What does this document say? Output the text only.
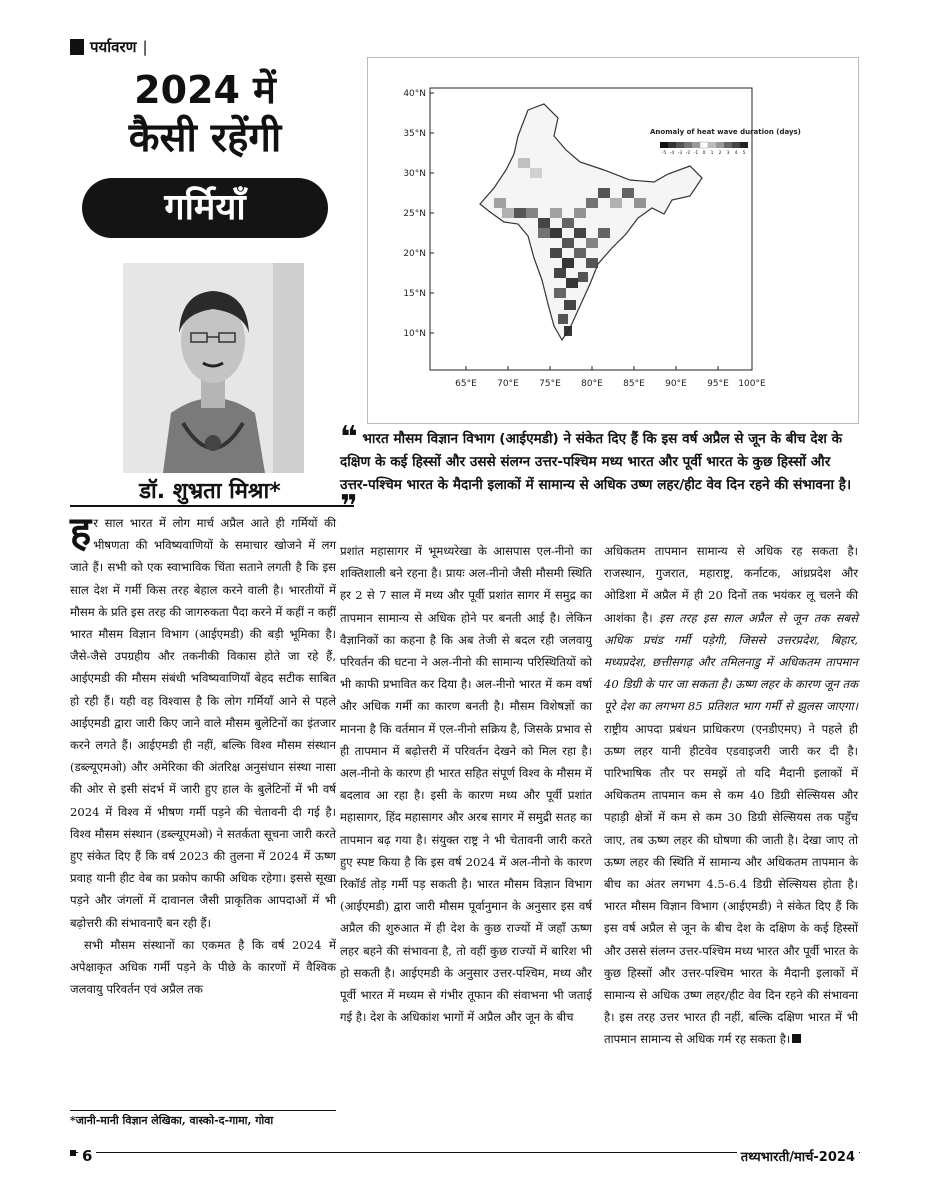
पर्यावरण |
2024 में
कैसी रहेंगी
गर्मियाँ
डॉ. शुभ्रता मिश्रा*
40°N
35°N
30°N
25°N
20°N
15°N
10°N
65°E 70°E 75°E 80°E 85°E 90°E 95°E 100°E
Anomaly of heat wave duration (days)
-5 -4 -3 -2 -1 0 1 2 3 4 5
❝ भारत मौसम विज्ञान विभाग (आईएमडी) ने संकेत दिए हैं कि इस वर्ष अप्रैल से जून के बीच देश के दक्षिण के कई हिस्सों और उससे संलग्न उत्तर-पश्चिम मध्य भारत और पूर्वी भारत के कुछ हिस्सों और उत्तर-पश्चिम भारत के मैदानी इलाकों में सामान्य से अधिक उष्ण लहर/हीट वेव दिन रहने की संभावना है। ❞

हर साल भारत में लोग मार्च अप्रैल आते ही गर्मियों की भीषणता की भविष्यवाणियों के समाचार खोजने में लग जाते हैं। सभी को एक स्वाभाविक चिंता सताने लगती है कि इस साल देश में गर्मी किस तरह बेहाल करने वाली है। भारतीयों में मौसम के प्रति इस तरह की जागरुकता पैदा करने में कहीं न कहीं भारत मौसम विज्ञान विभाग (आईएमडी) की बड़ी भूमिका है। जैसे-जैसे उपग्रहीय और तकनीकी विकास होते जा रहे हैं, आईएमडी की मौसम संबंधी भविष्यवाणियाँ बेहद सटीक साबित हो रही हैं। यही वह विश्वास है कि लोग गर्मियाँ आने से पहले आईएमडी द्वारा जारी किए जाने वाले मौसम बुलेटिनों का इंतजार करने लगते हैं। आईएमडी ही नहीं, बल्कि विश्व मौसम संस्थान (डब्ल्यूएमओ) और अमेरिका की अंतरिक्ष अनुसंधान संस्था नासा की ओर से इसी संदर्भ में जारी हुए हाल के बुलेटिनों में भी वर्ष 2024 में विश्व में भीषण गर्मी पड़ने की चेतावनी दी गई है। विश्व मौसम संस्थान (डब्ल्यूएमओ) ने सतर्कता सूचना जारी करते हुए संकेत दिए हैं कि वर्ष 2023 की तुलना में 2024 में ऊष्ण प्रवाह यानी हीट वेब का प्रकोप काफी अधिक रहेगा। इससे सूखा पड़ने और जंगलों में दावानल जैसी प्राकृतिक आपदाओं में भी बढ़ोत्तरी की संभावनाएँ बन रही हैं।

सभी मौसम संस्थानों का एकमत है कि वर्ष 2024 में अपेक्षाकृत अधिक गर्मी पड़ने के पीछे के कारणों में वैश्विक जलवायु परिवर्तन एवं अप्रैल तक

*जानी-मानी विज्ञान लेखिका, वास्को-द-गामा, गोवा

प्रशांत महासागर में भूमध्यरेखा के आसपास एल-नीनो का शक्तिशाली बने रहना है। प्रायः अल-नीनो जैसी मौसमी स्थिति हर 2 से 7 साल में मध्य और पूर्वी प्रशांत सागर में समुद्र का तापमान सामान्य से अधिक होने पर बनती आई है। लेकिन वैज्ञानिकों का कहना है कि अब तेजी से बदल रही जलवायु परिवर्तन की घटना ने अल-नीनो की सामान्य परिस्थितियों को भी काफी प्रभावित कर दिया है। अल-नीनो भारत में कम वर्षा और अधिक गर्मी का कारण बनती है। मौसम विशेषज्ञों का मानना है कि वर्तमान में एल-नीनो सक्रिय है, जिसके प्रभाव से ही तापमान में बढ़ोत्तरी में परिवर्तन देखने को मिल रहा है। अल-नीनो के कारण ही भारत सहित संपूर्ण विश्व के मौसम में बदलाव आ रहा है। इसी के कारण मध्य और पूर्वी प्रशांत महासागर, हिंद महासागर और अरब सागर में समुद्री सतह का तापमान बढ़ गया है। संयुक्त राष्ट्र ने भी चेतावनी जारी करते हुए स्पष्ट किया है कि इस वर्ष 2024 में अल-नीनो के कारण रिकॉर्ड तोड़ गर्मी पड़ सकती है। भारत मौसम विज्ञान विभाग (आईएमडी) द्वारा जारी मौसम पूर्वानुमान के अनुसार इस वर्ष अप्रैल की शुरुआत में ही देश के कुछ राज्यों में जहाँ ऊष्ण लहर बहने की संभावना है, तो वहीं कुछ राज्यों में बारिश भी हो सकती है। आईएमडी के अनुसार उत्तर-पश्चिम, मध्य और पूर्वी भारत में मध्यम से गंभीर तूफान की संवाभना भी जताई गई है। देश के अधिकांश भागों में अप्रैल और जून के बीच

अधिकतम तापमान सामान्य से अधिक रह सकता है। राजस्थान, गुजरात, महाराष्ट्र, कर्नाटक, आंध्रप्रदेश और ओडिशा में अप्रैल में ही 20 दिनों तक भयंकर लू चलने की आशंका है। इस तरह इस साल अप्रैल से जून तक सबसे अधिक प्रचंड गर्मी पड़ेगी, जिससे उत्तरप्रदेश, बिहार, मध्यप्रदेश, छत्तीसगढ़ और तमिलनाडु में अधिकतम तापमान 40 डिग्री के पार जा सकता है। ऊष्ण लहर के कारण जून तक पूरे देश का लगभग 85 प्रतिशत भाग गर्मी से झुलस जाएगा। राष्ट्रीय आपदा प्रबंधन प्राधिकरण (एनडीएमए) ने पहले ही ऊष्ण लहर यानी हीटवेव एडवाइजरी जारी कर दी है। पारिभाषिक तौर पर समझें तो यदि मैदानी इलाकों में अधिकतम तापमान कम से कम 40 डिग्री सेल्सियस और पहाड़ी क्षेत्रों में कम से कम 30 डिग्री सेल्सियस तक पहुँच जाए, तब ऊष्ण लहर की घोषणा की जाती है। देखा जाए तो ऊष्ण लहर की स्थिति में सामान्य और अधिकतम तापमान के बीच का अंतर लगभग 4.5-6.4 डिग्री सेल्सियस होता है। भारत मौसम विज्ञान विभाग (आईएमडी) ने संकेत दिए हैं कि इस वर्ष अप्रैल से जून के बीच देश के दक्षिण के कई हिस्सों और उससे संलग्न उत्तर-पश्चिम मध्य भारत और पूर्वी भारत के कुछ हिस्सों और उत्तर-पश्चिम भारत के मैदानी इलाकों में सामान्य से अधिक उष्ण लहर/हीट वेव दिन रहने की संभावना है। इस तरह उत्तर भारत ही नहीं, बल्कि दक्षिण भारत में भी तापमान सामान्य से अधिक गर्म रह सकता है।

6	तथ्यभारती/मार्च-2024
